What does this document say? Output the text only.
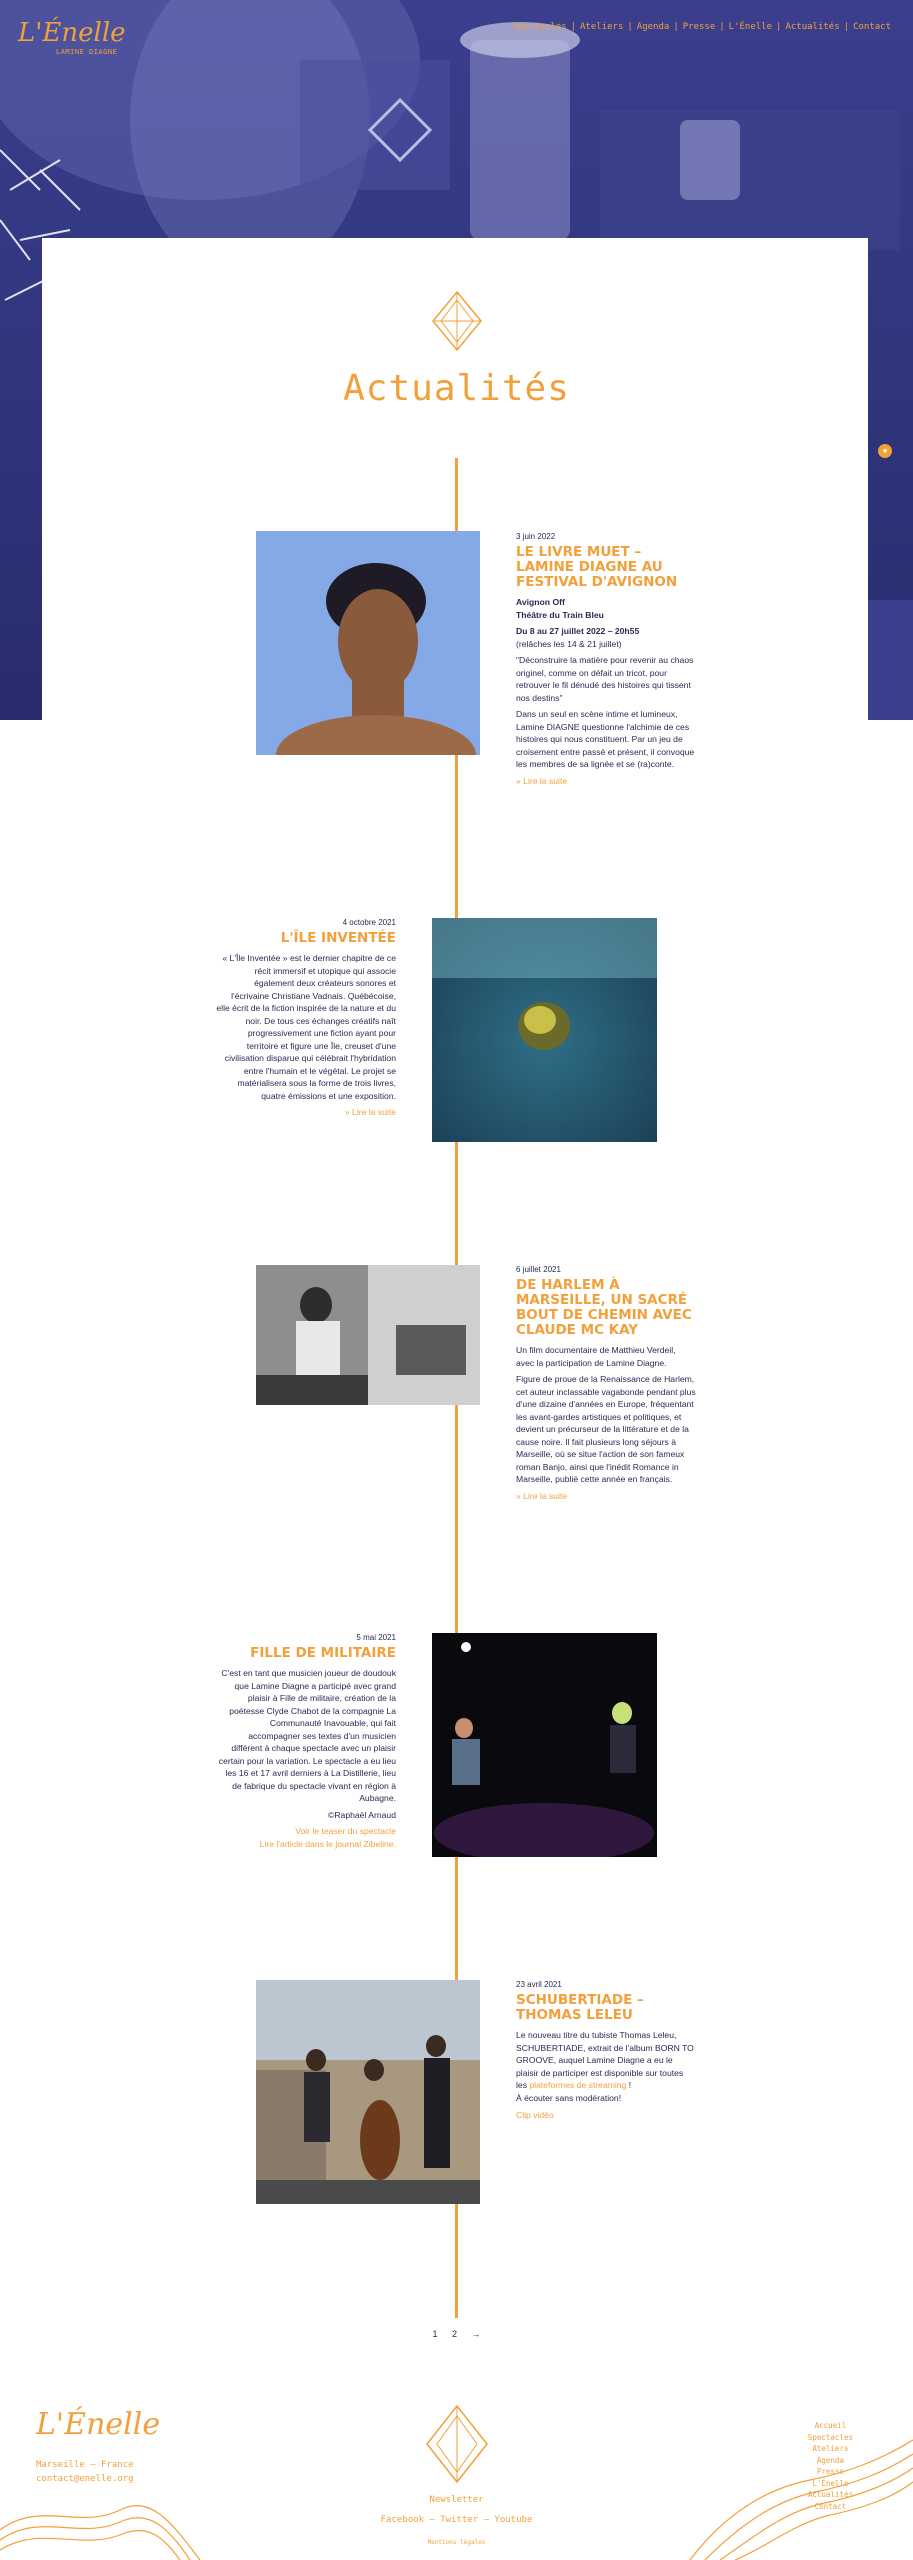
L'Énelle
LAMINE DIAGNE
Spectacles | Ateliers | Agenda | Presse | L'Énelle | Actualités | Contact
●
Actualités
3 juin 2022
LE LIVRE MUET – LAMINE DIAGNE AU FESTIVAL D'AVIGNON
Avignon Off
Théâtre du Train Bleu
Du 8 au 27 juillet 2022 – 20h55
(relâches les 14 & 21 juillet)

"Déconstruire la matière pour revenir au chaos originel, comme on défait un tricot, pour retrouver le fil dénudé des histoires qui tissent nos destins"

Dans un seul en scène intime et lumineux, Lamine DIAGNE questionne l'alchimie de ces histoires qui nous constituent. Par un jeu de croisement entre passé et présent, il convoque les membres de sa lignée et se (ra)conte.

» Lire la suite
4 octobre 2021
L'ÎLE INVENTÉE

« L'Île Inventée » est le dernier chapitre de ce récit immersif et utopique qui associe également deux créateurs sonores et l'écrivaine Christiane Vadnais. Québécoise, elle écrit de la fiction inspirée de la nature et du noir. De tous ces échanges créatifs naît progressivement une fiction ayant pour territoire et figure une Île, creuset d'une civilisation disparue qui célébrait l'hybridation entre l'humain et le végétal. Le projet se matérialisera sous la forme de trois livres, quatre émissions et une exposition.

» Lire la suite
6 juillet 2021
DE HARLEM À MARSEILLE, UN SACRÉ BOUT DE CHEMIN AVEC CLAUDE MC KAY

Un film documentaire de Matthieu Verdeil, avec la participation de Lamine Diagne.

Figure de proue de la Renaissance de Harlem, cet auteur inclassable vagabonde pendant plus d'une dizaine d'années en Europe, fréquentant les avant-gardes artistiques et politiques, et devient un précurseur de la littérature et de la cause noire. Il fait plusieurs long séjours à Marseille, où se situe l'action de son fameux roman Banjo, ainsi que l'inédit Romance in Marseille, publié cette année en français.

» Lire la suite
5 mai 2021
FILLE DE MILITAIRE

C'est en tant que musicien joueur de doudouk que Lamine Diagne a participé avec grand plaisir à Fille de militaire, création de la poétesse Clyde Chabot de la compagnie La Communauté Inavouable, qui fait accompagner ses textes d'un musicien différent à chaque spectacle avec un plaisir certain pour la variation. Le spectacle a eu lieu les 16 et 17 avril derniers à La Distillerie, lieu de fabrique du spectacle vivant en région à Aubagne.

©Raphaël Arnaud

Voir le teaser du spectacle
Lire l'article dans le journal Zibeline.
23 avril 2021
SCHUBERTIADE – THOMAS LELEU

Le nouveau titre du tubiste Thomas Leleu, SCHUBERTIADE, extrait de l'album BORN TO GROOVE, auquel Lamine Diagne a eu le plaisir de participer est disponible sur toutes les plateformes de streaming !
À écouter sans modération!

Clip vidéo
1 2 →
L'Énelle
Marseille – France
contact@enelle.org
Newsletter
Facebook – Twitter – Youtube
Mentions légales
Accueil
Spectacles
Ateliers
Agenda
Presse
L'Énelle
Actualités
Contact
